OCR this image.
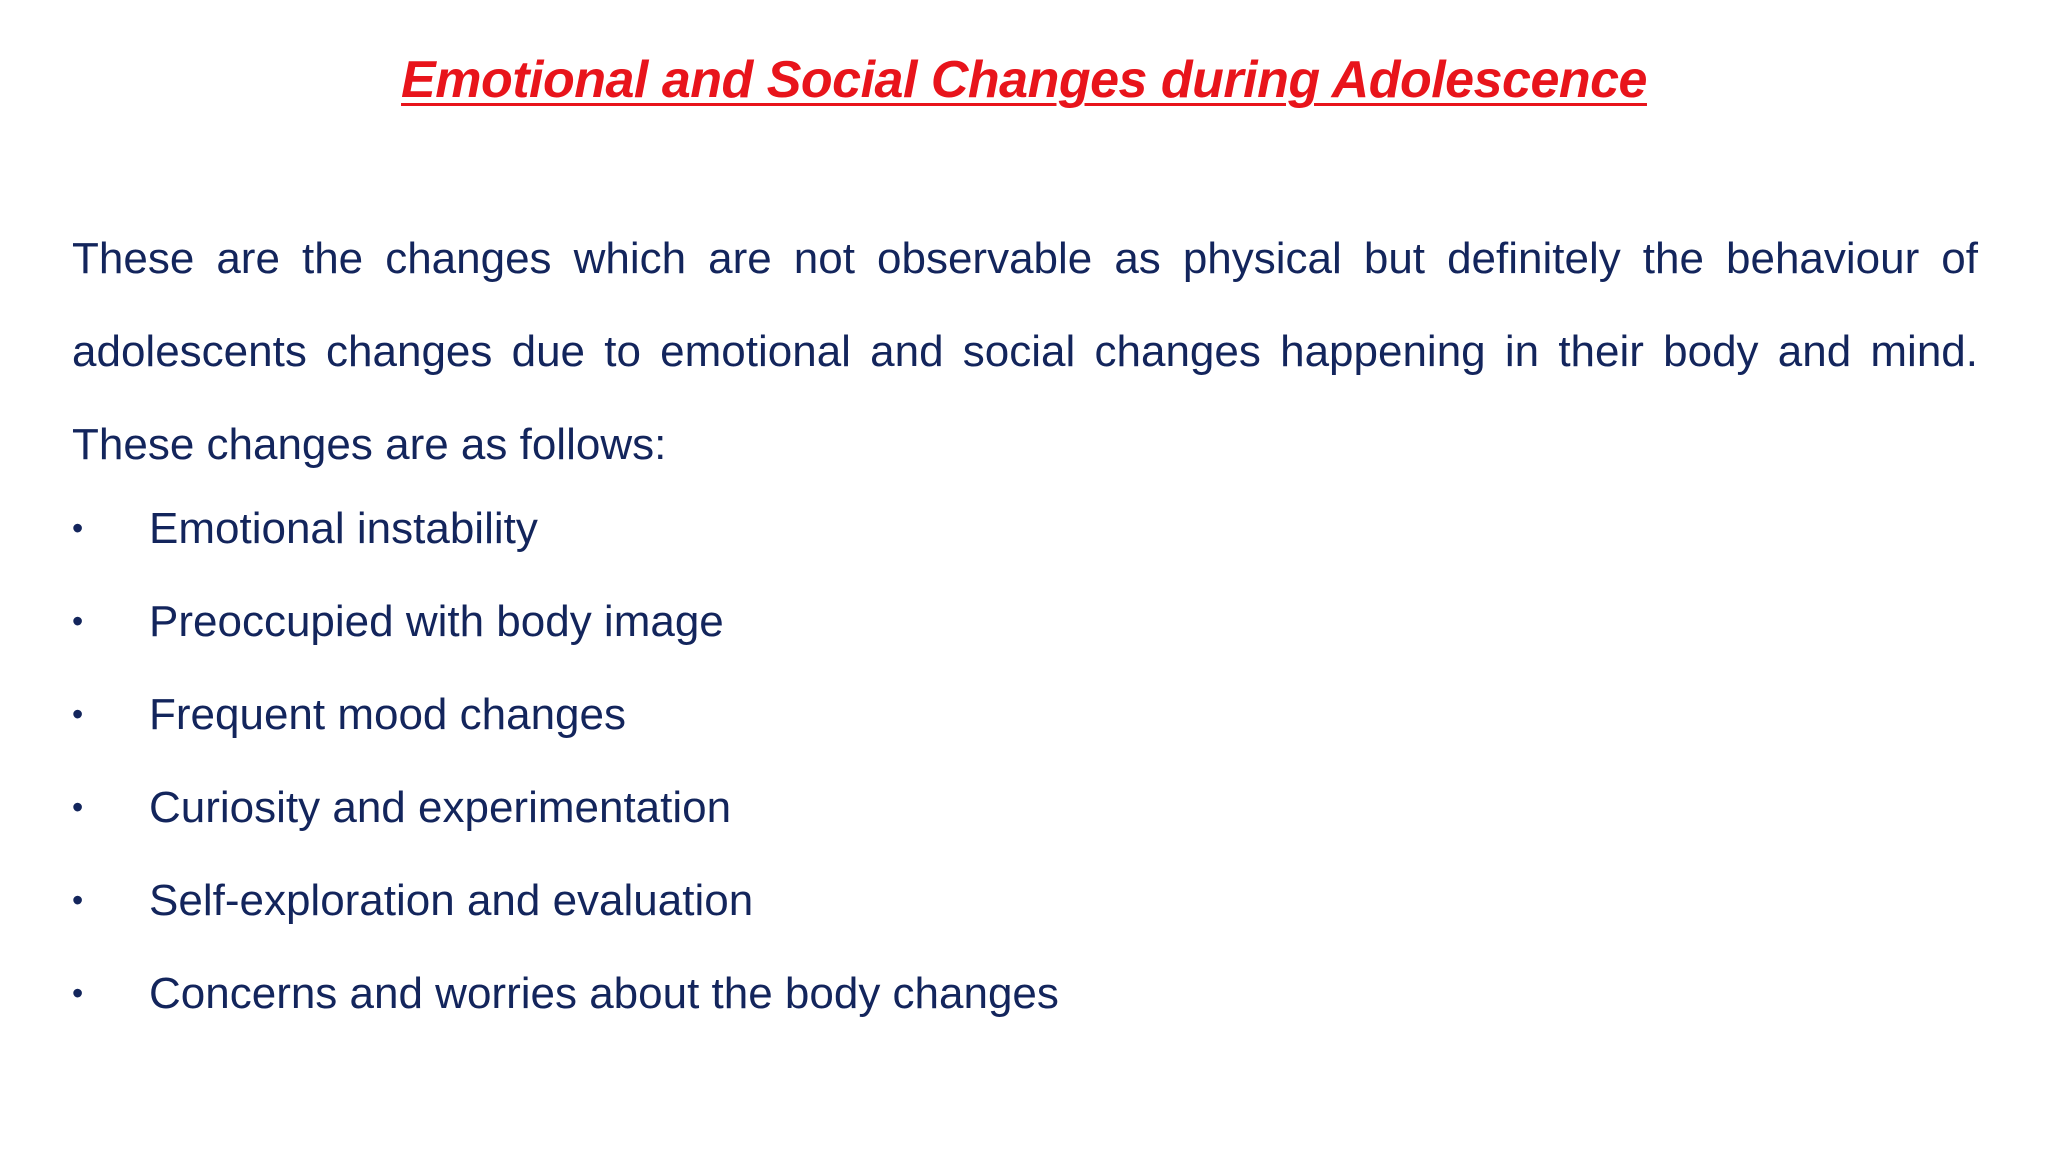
Emotional and Social Changes during Adolescence
These are the changes which are not observable as physical but definitely the behaviour of adolescents changes due to emotional and social changes happening in their body and mind. These changes are as follows:
• Emotional instability
• Preoccupied with body image
• Frequent mood changes
• Curiosity and experimentation
• Self-exploration and evaluation
• Concerns and worries about the body changes
